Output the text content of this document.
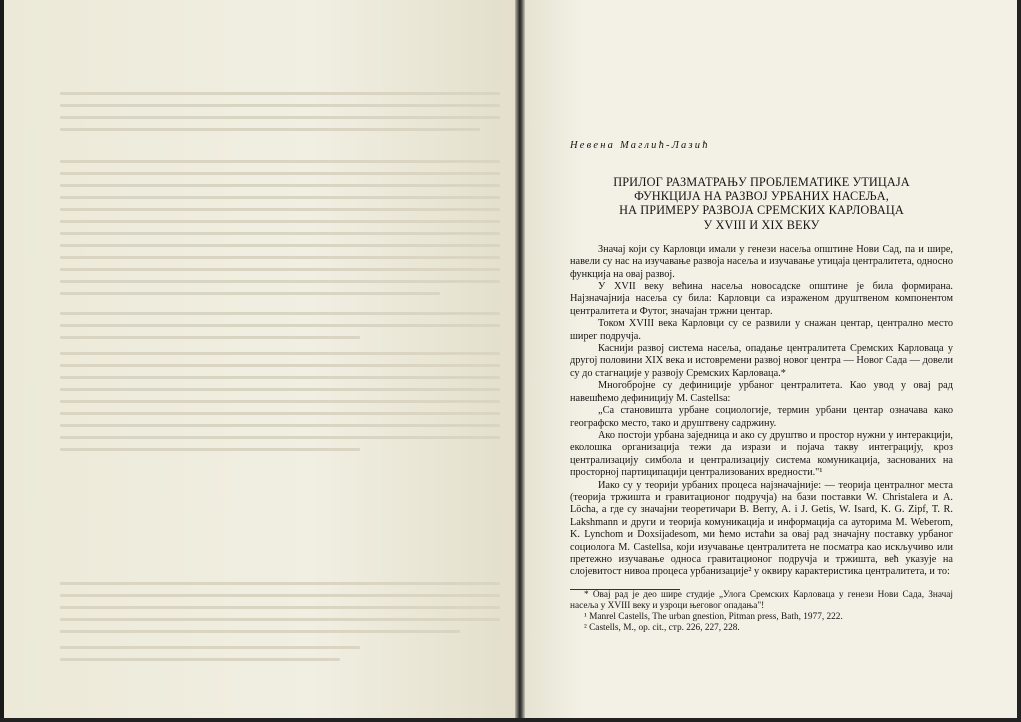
Невена Маглић-Лазић

ПРИЛОГ РАЗМАТРАЊУ ПРОБЛЕМАТИКЕ УТИЦАЈА
ФУНКЦИЈА НА РАЗВОЈ УРБАНИХ НАСЕЉА,
НА ПРИМЕРУ РАЗВОЈА СРЕМСКИХ КАРЛОВАЦА
У XVIII И XIX ВЕКУ

Значај који су Карловци имали у генези насеља општине Нови Сад, па и шире, навели су нас на изучавање развоја насеља и изучавање утицаја централитета, односно функција на овај развој.

У XVII веку већина насеља новосадске општине је била формирана. Најзначајнија насеља су била: Карловци са израженом друштвеном компонентом централитета и Футог, значајан тржни центар.

Током XVIII века Карловци су се развили у снажан центар, централно место ширег подручја.

Каснији развој система насеља, опадање централитета Сремских Карловаца у другој половини XIX века и истовремени развој новог центра — Новог Сада — довели су до стагнације у развоју Сремских Карловаца.*

Многобројне су дефиниције урбаног централитета. Као увод у овај рад навешћемо дефиницију М. Castellsa:

„Са становишта урбане социологије, термин урбани центар означава како географско место, тако и друштвену садржину.

Ако постоји урбана заједница и ако су друштво и простор нужни у интеракцији, еколошка организација тежи да изрази и појача такву интеграцију, кроз централизацију симбола и централизацију система комуникација, заснованих на просторној партиципацији централизованих вредности."¹

Иако су у теорији урбаних процеса најзначајније: — теорија централног места (теорија тржишта и гравитационог подручја) на бази поставки W. Christalera и A. Löcha, а где су значајни теоретичари B. Berry, A. i J. Getis, W. Isard, K. G. Zipf, T. R. Lakshmann и други и теорија комуникација и информација са аутоpима M. Weberom, K. Lynchom и Doxsijadesom, ми ћемо истаћи за овај рад значајну поставку урбаног социолога M. Castellsa, који изучавање централитета не посматра као искључиво или претежно изучавање односа гравитационог подручја и тржишта, већ указује на слојевитост нивоа процеса урбанизације² у оквиру карактеристика централитета, и то:

* Овај рад је део шире студије „Улога Сремских Карловаца у генези Нови Сада, Значај насеља у XVIII веку и узроци његовог опадања"!

¹ Manrel Castells, The urban gnestion, Pitman press, Bath, 1977, 222.

² Castells, M., op. cit., стр. 226, 227, 228.
